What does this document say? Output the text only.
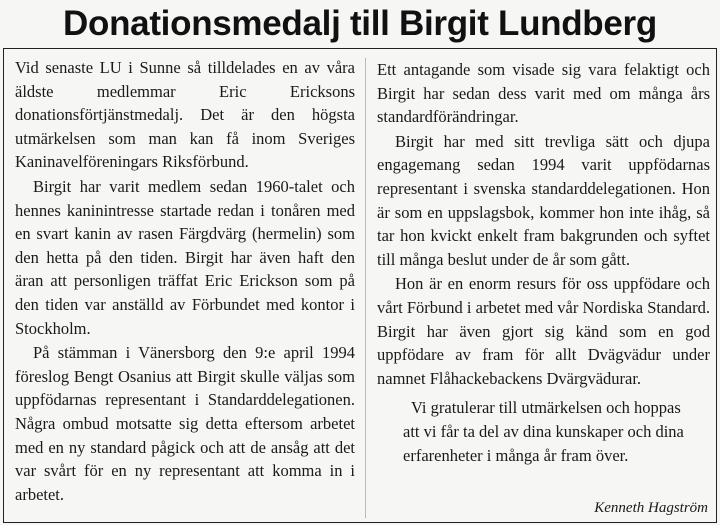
Donationsmedalj till Birgit Lundberg

Vid senaste LU i Sunne så tilldelades en av våra äldste medlemmar Eric Ericksons donationsförtjänstmedalj. Det är den högsta utmärkelsen som man kan få inom Sveriges Kaninavelföreningars Riksförbund.

Birgit har varit medlem sedan 1960-talet och hennes kaninintresse startade redan i tonåren med en svart kanin av rasen Färgdvärg (hermelin) som den hetta på den tiden. Birgit har även haft den äran att personligen träffat Eric Erickson som på den tiden var anställd av Förbundet med kontor i Stockholm.

På stämman i Vänersborg den 9:e april 1994 föreslog Bengt Osanius att Birgit skulle väljas som uppfödarnas representant i Standarddelegationen. Några ombud motsatte sig detta eftersom arbetet med en ny standard pågick och att de ansåg att det var svårt för en ny representant att komma in i arbetet.

Ett antagande som visade sig vara felaktigt och Birgit har sedan dess varit med om många års standardförändringar.

Birgit har med sitt trevliga sätt och djupa engagemang sedan 1994 varit uppfödarnas representant i svenska standarddelegationen. Hon är som en uppslagsbok, kommer hon inte ihåg, så tar hon kvickt enkelt fram bakgrunden och syftet till många beslut under de år som gått.

Hon är en enorm resurs för oss uppfödare och vårt Förbund i arbetet med vår Nordiska Standard. Birgit har även gjort sig känd som en god uppfödare av fram för allt Dvägvädur under namnet Flåhackebackens Dvärgvädurar.

Vi gratulerar till utmärkelsen och hoppas
att vi får ta del av dina kunskaper och dina
erfarenheter i många år fram över.

Kenneth Hagström
